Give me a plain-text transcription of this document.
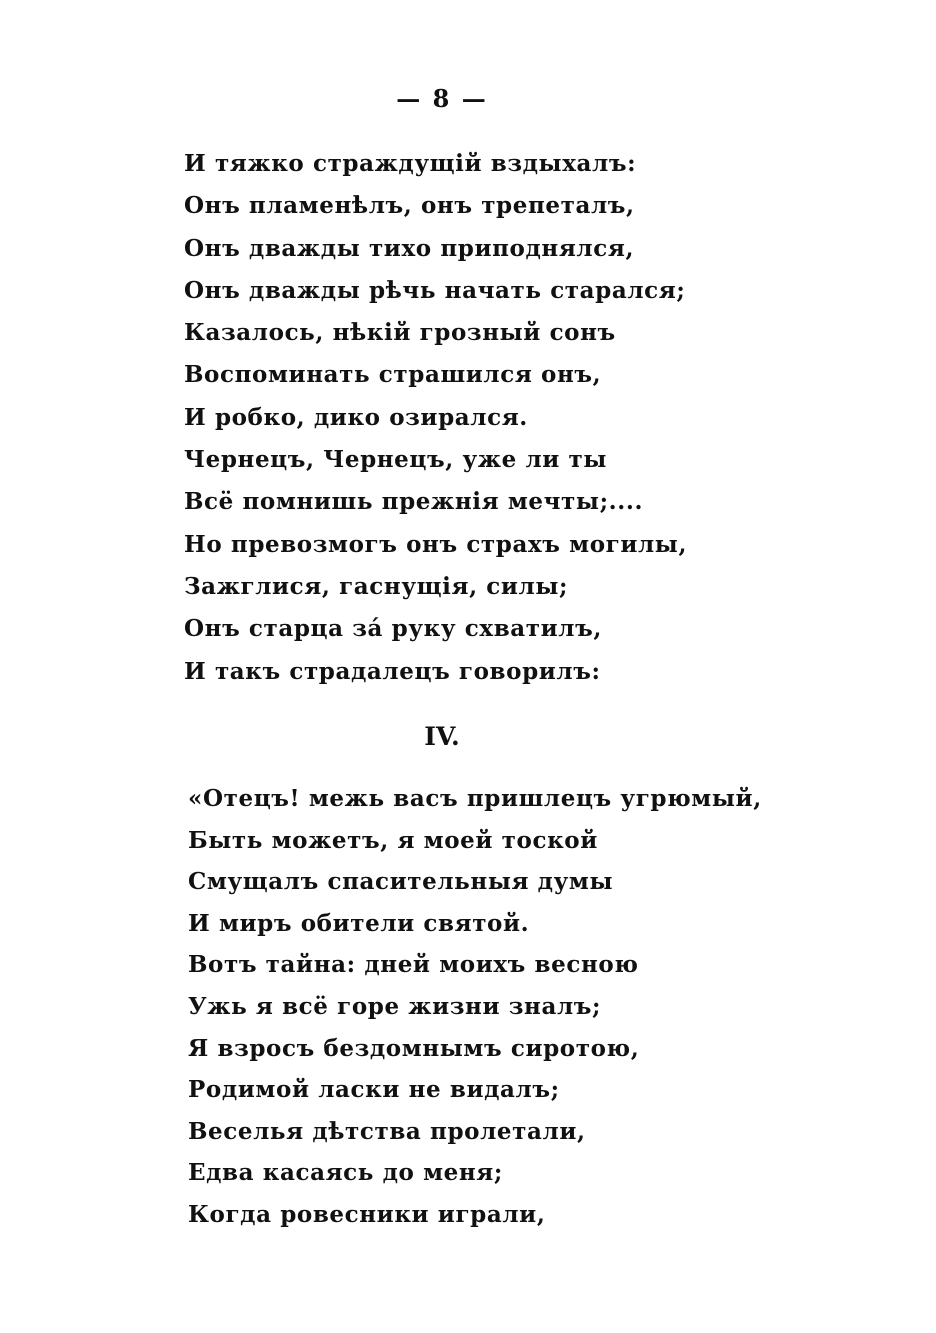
— 8 —
И тяжко страждущій вздыхалъ:
Онъ пламенѣлъ, онъ трепеталъ,
Онъ дважды тихо приподнялся,
Онъ дважды рѣчь начать старался;
Казалось, нѣкій грозный сонъ
Воспоминать страшился онъ,
И робко, дико озирался.
Чернецъ, Чернецъ, уже ли ты
Всё помнишь прежнія мечты;....
Но превозмогъ онъ страхъ могилы,
Зажглися, гаснущія, силы;
Онъ старца за́ руку схватилъ,
И такъ страдалецъ говорилъ:
IV.
«Отецъ! межь васъ пришлецъ угрюмый,
Быть можетъ, я моей тоской
Смущалъ спасительныя думы
И миръ обители святой.
Вотъ тайна: дней моихъ весною
Ужь я всё горе жизни зналъ;
Я взросъ бездомнымъ сиротою,
Родимой ласки не видалъ;
Веселья дѣтства пролетали,
Едва касаясь до меня;
Когда ровесники играли,
